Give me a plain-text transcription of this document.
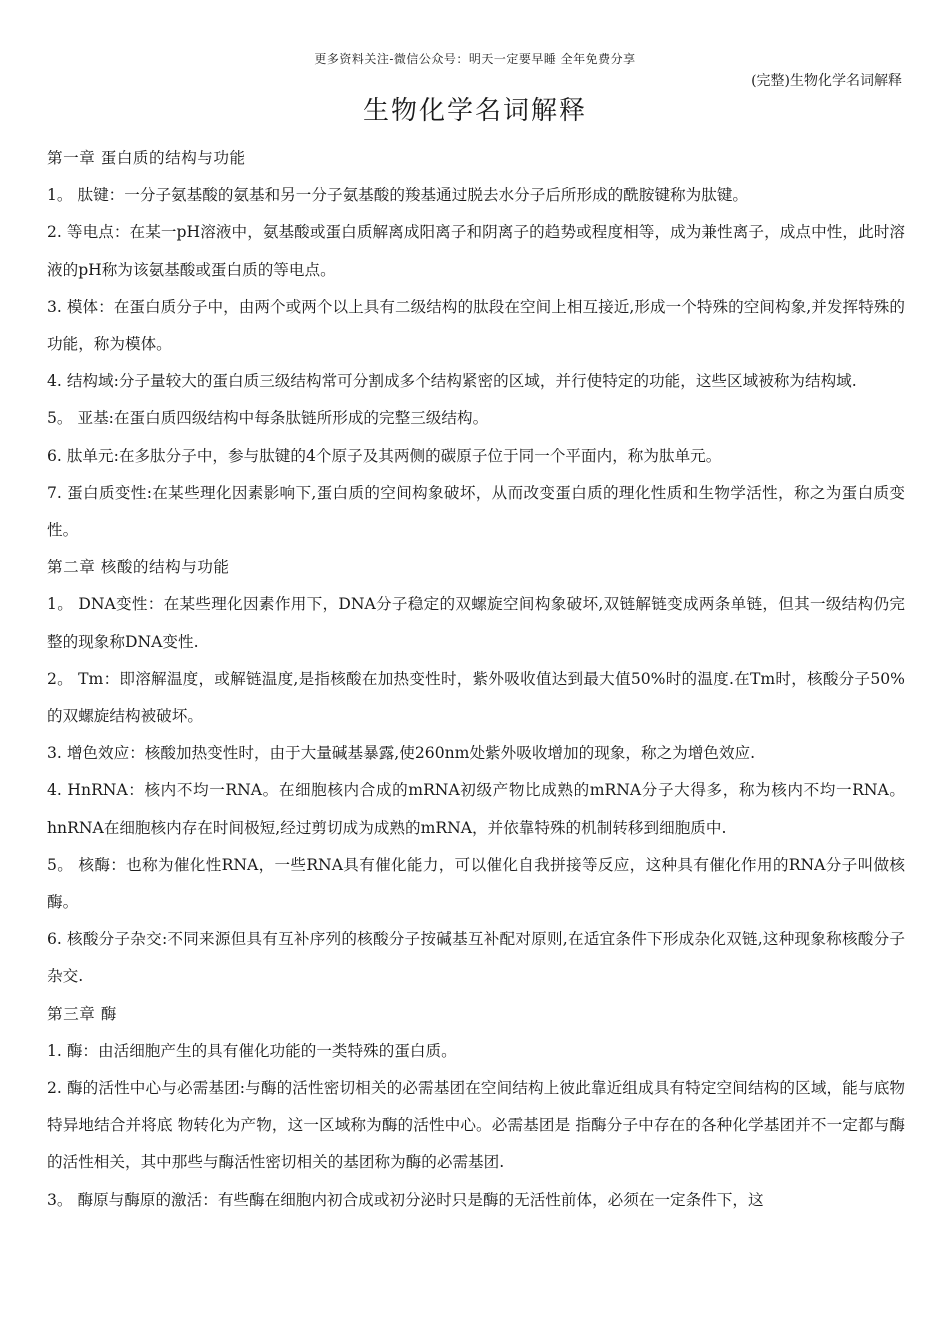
更多资料关注-微信公众号：明天一定要早睡 全年免费分享
(完整)生物化学名词解释
生物化学名词解释

第一章 蛋白质的结构与功能

1。 肽键：一分子氨基酸的氨基和另一分子氨基酸的羧基通过脱去水分子后所形成的酰胺键称为肽键。

2. 等电点：在某一pH溶液中，氨基酸或蛋白质解离成阳离子和阴离子的趋势或程度相等，成为兼性离子，成点中性，此时溶液的pH称为该氨基酸或蛋白质的等电点。

3. 模体：在蛋白质分子中，由两个或两个以上具有二级结构的肽段在空间上相互接近,形成一个特殊的空间构象,并发挥特殊的功能，称为模体。

4. 结构域:分子量较大的蛋白质三级结构常可分割成多个结构紧密的区域，并行使特定的功能，这些区域被称为结构域.

5。 亚基:在蛋白质四级结构中每条肽链所形成的完整三级结构。

6. 肽单元:在多肽分子中，参与肽键的4个原子及其两侧的碳原子位于同一个平面内，称为肽单元。

7. 蛋白质变性:在某些理化因素影响下,蛋白质的空间构象破坏，从而改变蛋白质的理化性质和生物学活性，称之为蛋白质变性。

第二章 核酸的结构与功能

1。 DNA变性：在某些理化因素作用下，DNA分子稳定的双螺旋空间构象破坏,双链解链变成两条单链，但其一级结构仍完整的现象称DNA变性.

2。 Tm：即溶解温度，或解链温度,是指核酸在加热变性时，紫外吸收值达到最大值50%时的温度.在Tm时，核酸分子50%的双螺旋结构被破坏。

3. 增色效应：核酸加热变性时，由于大量碱基暴露,使260nm处紫外吸收增加的现象，称之为增色效应.

4. HnRNA：核内不均一RNA。在细胞核内合成的mRNA初级产物比成熟的mRNA分子大得多，称为核内不均一RNA。hnRNA在细胞核内存在时间极短,经过剪切成为成熟的mRNA，并依靠特殊的机制转移到细胞质中.

5。 核酶：也称为催化性RNA，一些RNA具有催化能力，可以催化自我拼接等反应，这种具有催化作用的RNA分子叫做核酶。

6. 核酸分子杂交:不同来源但具有互补序列的核酸分子按碱基互补配对原则,在适宜条件下形成杂化双链,这种现象称核酸分子杂交.

第三章 酶

1. 酶：由活细胞产生的具有催化功能的一类特殊的蛋白质。

2. 酶的活性中心与必需基团:与酶的活性密切相关的必需基团在空间结构上彼此靠近组成具有特定空间结构的区域，能与底物特异地结合并将底 物转化为产物，这一区域称为酶的活性中心。必需基团是 指酶分子中存在的各种化学基团并不一定都与酶的活性相关，其中那些与酶活性密切相关的基团称为酶的必需基团.

3。 酶原与酶原的激活：有些酶在细胞内初合成或初分泌时只是酶的无活性前体，必须在一定条件下，这
